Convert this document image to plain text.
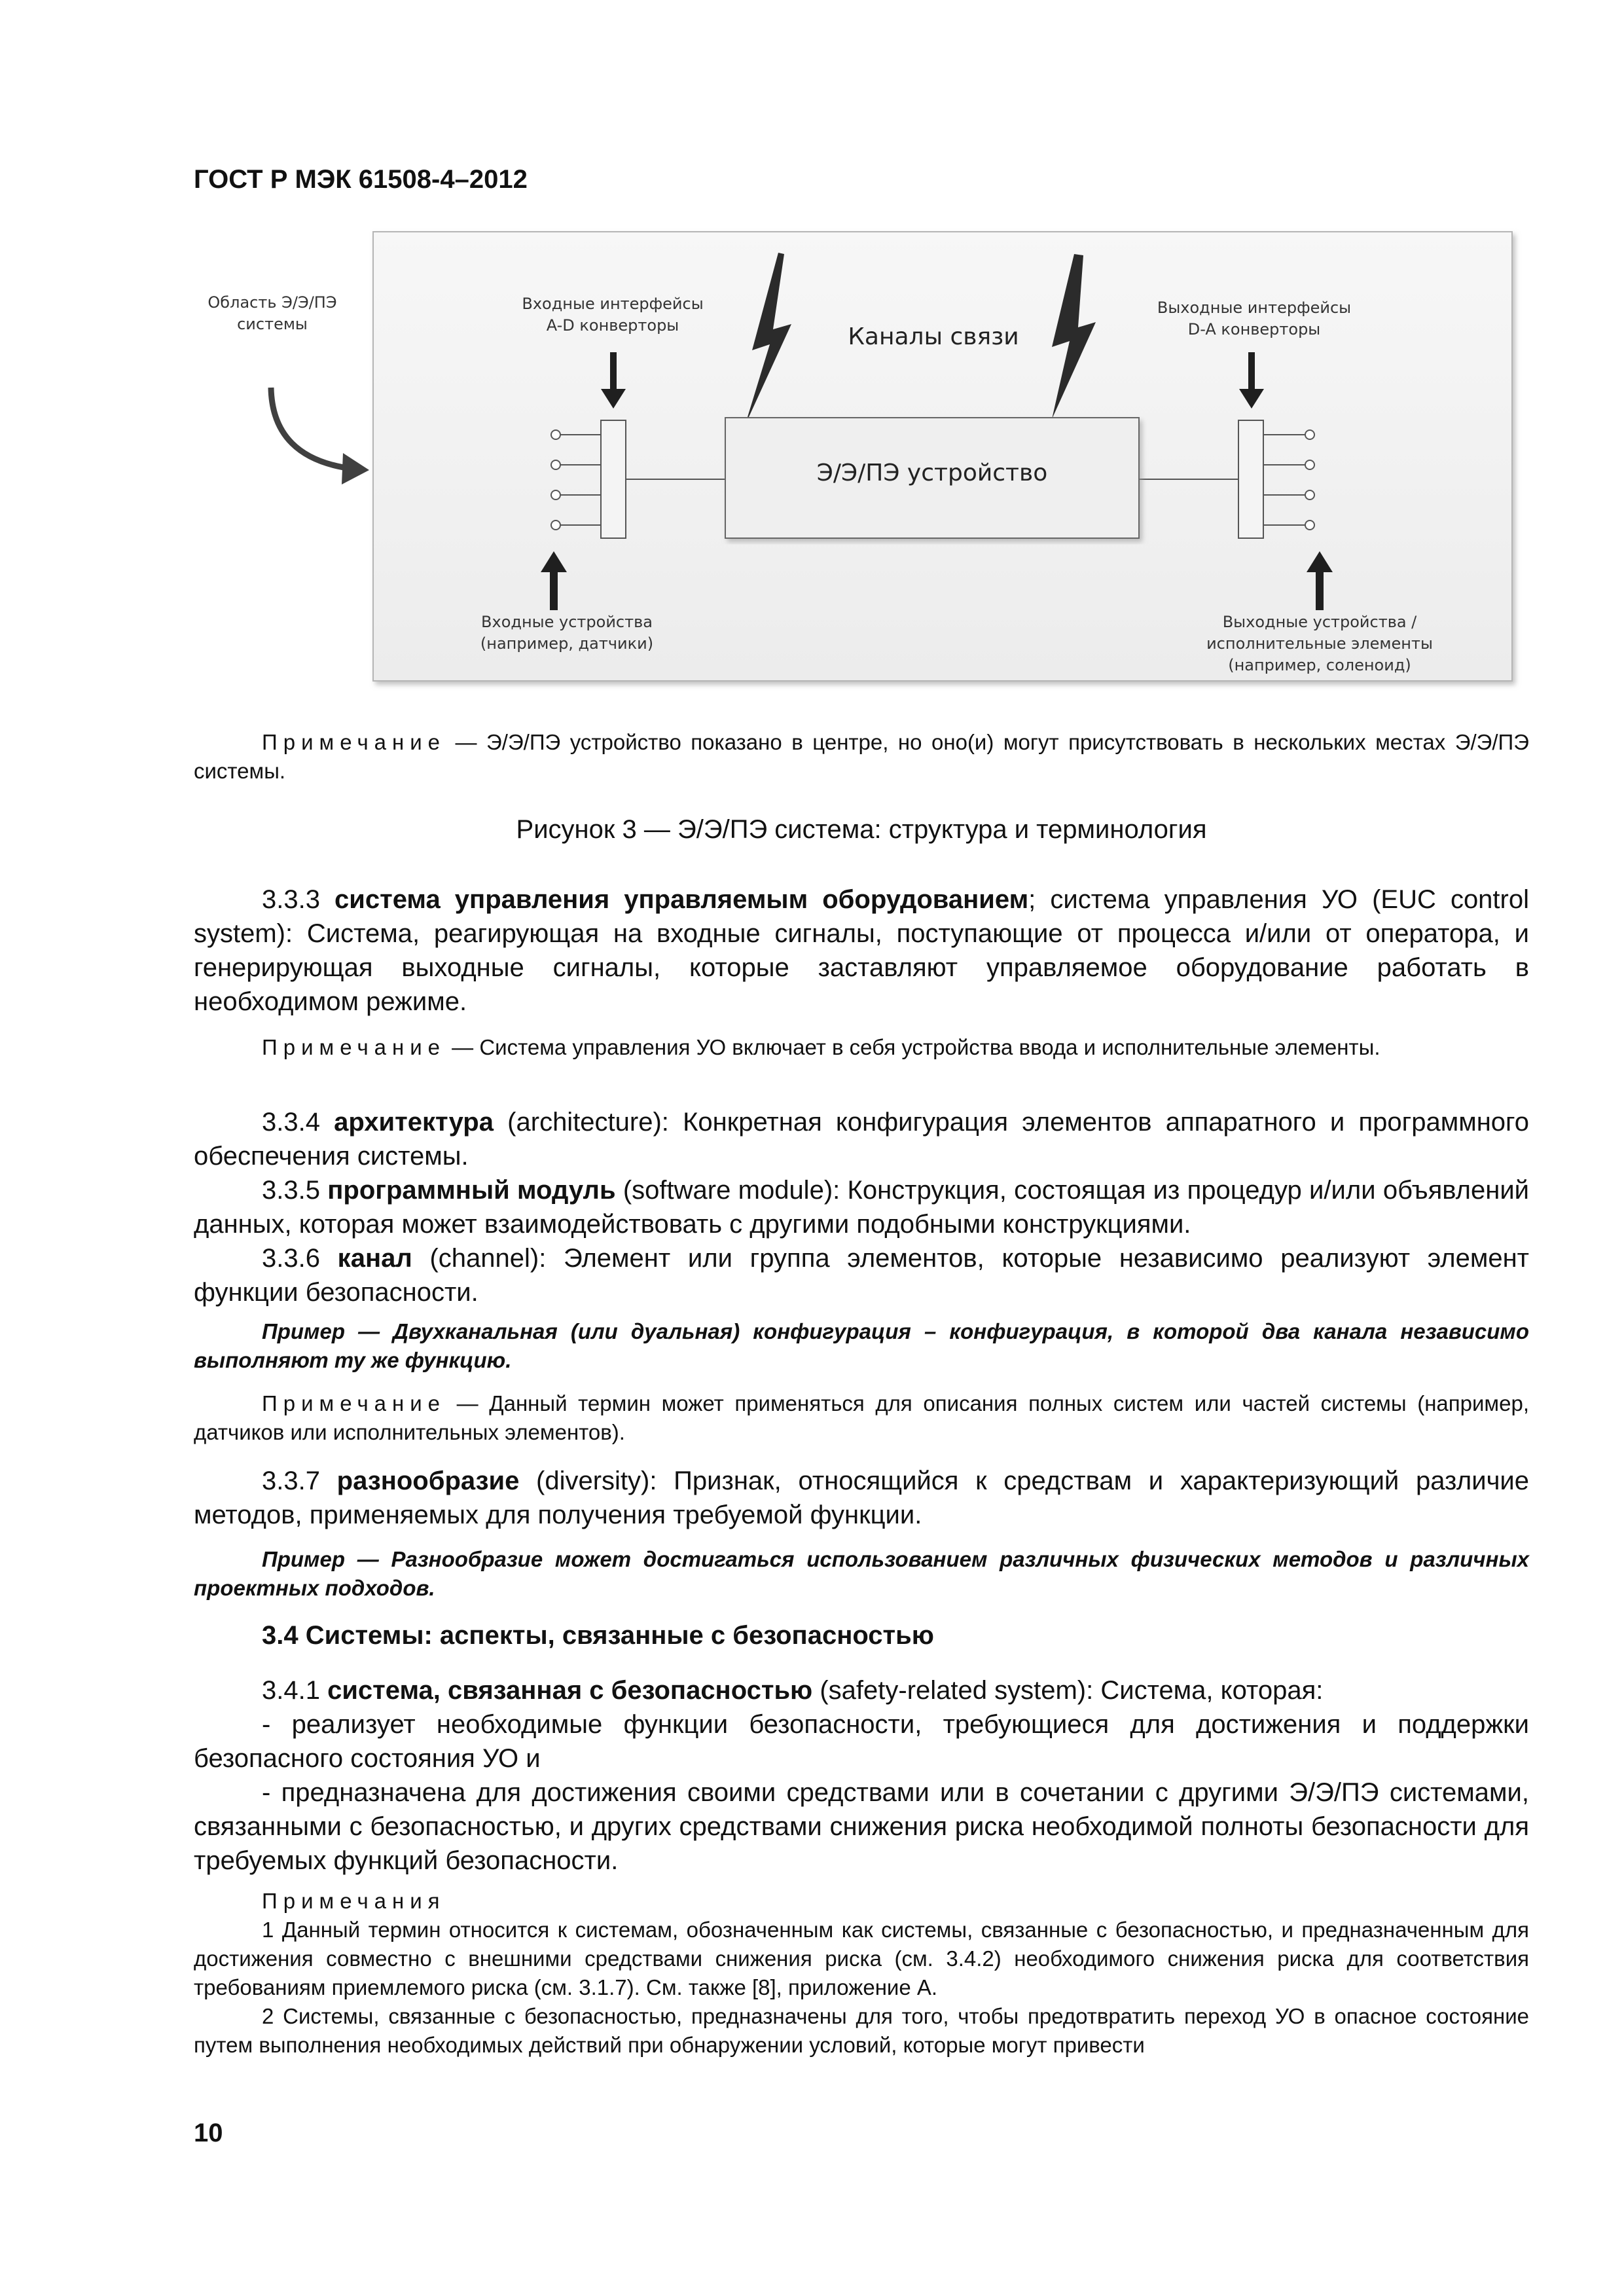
ГОСТ Р МЭК 61508-4–2012
Область Э/Э/ПЭ
системы
Входные интерфейсы
A-D конверторы	Каналы связи
Выходные интерфейсы
D-A конверторы
Э/Э/ПЭ устройство
Входные устройства
(например, датчики)
Выходные устройства /
исполнительные элементы
(например, соленоид)

Примечание — Э/Э/ПЭ устройство показано в центре, но оно(и) могут присутствовать в нескольких местах Э/Э/ПЭ системы.

Рисунок 3 — Э/Э/ПЭ система: структура и терминология

3.3.3 система управления управляемым оборудованием; система управления УО (EUC control system): Система, реагирующая на входные сигналы, поступающие от процесса и/или от оператора, и генерирующая выходные сигналы, которые заставляют управляемое оборудование работать в необходимом режиме.

Примечание — Система управления УО включает в себя устройства ввода и исполнительные элементы.

3.3.4 архитектура (architecture): Конкретная конфигурация элементов аппаратного и программного обеспечения системы.

3.3.5 программный модуль (software module): Конструкция, состоящая из процедур и/или объявлений данных, которая может взаимодействовать с другими подобными конструкциями.

3.3.6 канал (channel): Элемент или группа элементов, которые независимо реализуют элемент функции безопасности.

Пример — Двухканальная (или дуальная) конфигурация – конфигурация, в которой два канала независимо выполняют ту же функцию.

Примечание — Данный термин может применяться для описания полных систем или частей системы (например, датчиков или исполнительных элементов).

3.3.7 разнообразие (diversity): Признак, относящийся к средствам и характеризующий различие методов, применяемых для получения требуемой функции.

Пример — Разнообразие может достигаться использованием различных физических методов и различных проектных подходов.

3.4 Системы: аспекты, связанные с безопасностью

3.4.1 система, связанная с безопасностью (safety-related system): Система, которая:

- реализует необходимые функции безопасности, требующиеся для достижения и поддержки безопасного состояния УО и

- предназначена для достижения своими средствами или в сочетании с другими Э/Э/ПЭ системами, связанными с безопасностью, и других средствами снижения риска необходимой полноты безопасности для требуемых функций безопасности.

Примечания

1 Данный термин относится к системам, обозначенным как системы, связанные с безопасностью, и предназначенным для достижения совместно с внешними средствами снижения риска (см. 3.4.2) необходимого снижения риска для соответствия требованиям приемлемого риска (см. 3.1.7). См. также [8], приложение А.

2 Системы, связанные с безопасностью, предназначены для того, чтобы предотвратить переход УО в опасное состояние путем выполнения необходимых действий при обнаружении условий, которые могут привести

10
